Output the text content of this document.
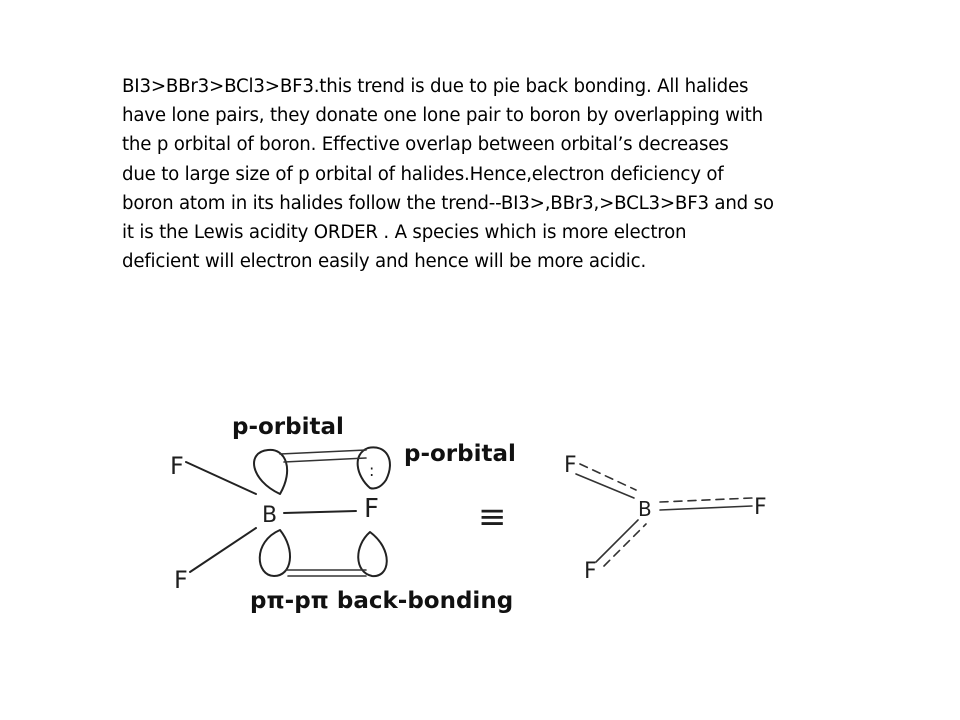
BI3>BBr3>BCl3>BF3.this trend is due to pie back bonding. All halides
have lone pairs, they donate one lone pair to boron by overlapping with
the p orbital of boron. Effective overlap between orbital’s decreases
due to large size of p orbital of halides.Hence,electron deficiency of
boron atom in its halides follow the trend--BI3>,BBr3,>BCL3>BF3 and so
it is the Lewis acidity ORDER . A species which is more electron
deficient will electron easily and hence will be more acidic.
p-orbital
p-orbital
pπ-pπ back-bonding
F
B	F
F
:
≡
F
B	F
F
